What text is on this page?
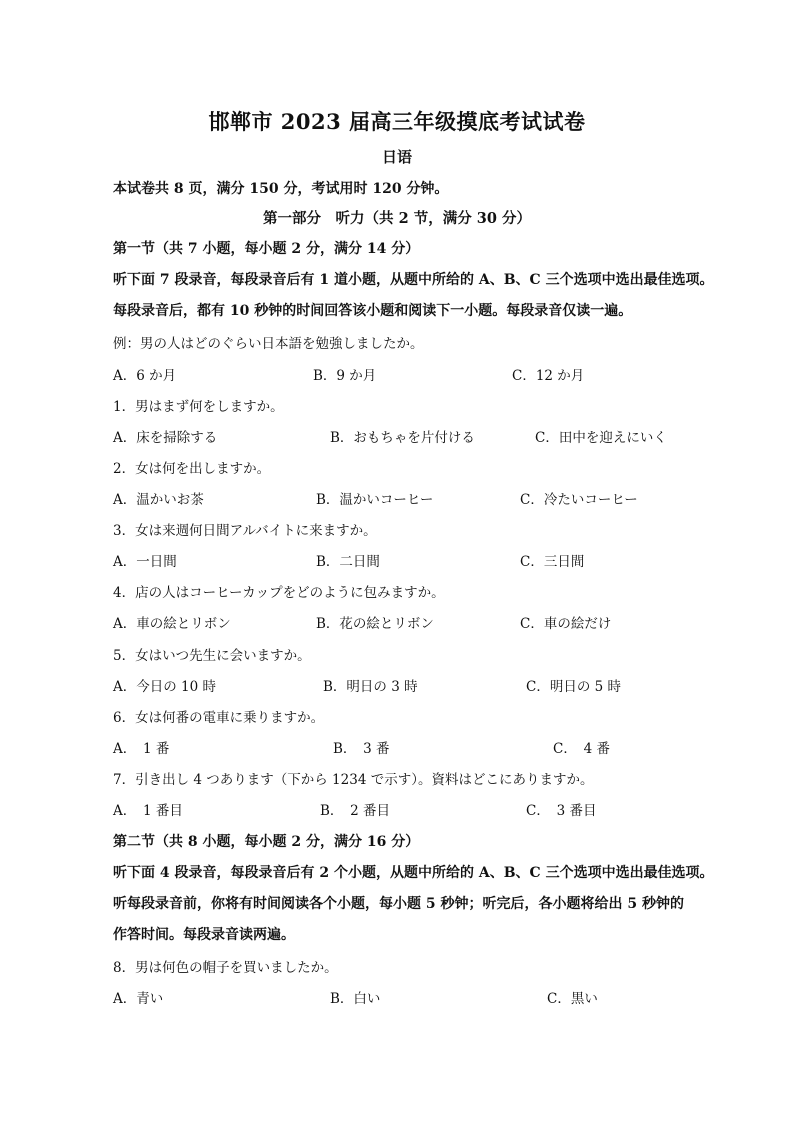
邯郸市 2023 届高三年级摸底考试试卷
日语
本试卷共 8 页，满分 150 分，考试用时 120 分钟。
第一部分　听力（共 2 节，满分 30 分）
第一节（共 7 小题，每小题 2 分，满分 14 分）
听下面 7 段录音，每段录音后有 1 道小题，从题中所给的 A、B、C 三个选项中选出最佳选项。
每段录音后，都有 10 秒钟的时间回答该小题和阅读下一小题。每段录音仅读一遍。
例：男の人はどのぐらい日本語を勉強しましたか。
A．6 か月	B．9 か月	C．12 か月
1．男はまず何をしますか。
A．床を掃除する	B．おもちゃを片付ける	C．田中を迎えにいく
2．女は何を出しますか。
A．温かいお茶	B．温かいコーヒー	C．冷たいコーヒー
3．女は来週何日間アルバイトに来ますか。
A．一日間	B．二日間	C．三日間
4．店の人はコーヒーカップをどのように包みますか。
A．車の絵とリボン	B．花の絵とリボン	C．車の絵だけ
5．女はいつ先生に会いますか。
A．今日の 10 時	B．明日の 3 時	C．明日の 5 時
6．女は何番の電車に乗りますか。
A．　1 番	B．　3 番	C．　4 番
7．引き出し 4 つあります（下から 1234 で示す）。資料はどこにありますか。
A．　1 番目	B．　2 番目	C．　3 番目
第二节（共 8 小题，每小题 2 分，满分 16 分）
听下面 4 段录音，每段录音后有 2 个小题，从题中所给的 A、B、C 三个选项中选出最佳选项。
听每段录音前，你将有时间阅读各个小题，每小题 5 秒钟；听完后，各小题将给出 5 秒钟的
作答时间。每段录音读两遍。
8．男は何色の帽子を買いましたか。
A．青い	B．白い	C．黒い
